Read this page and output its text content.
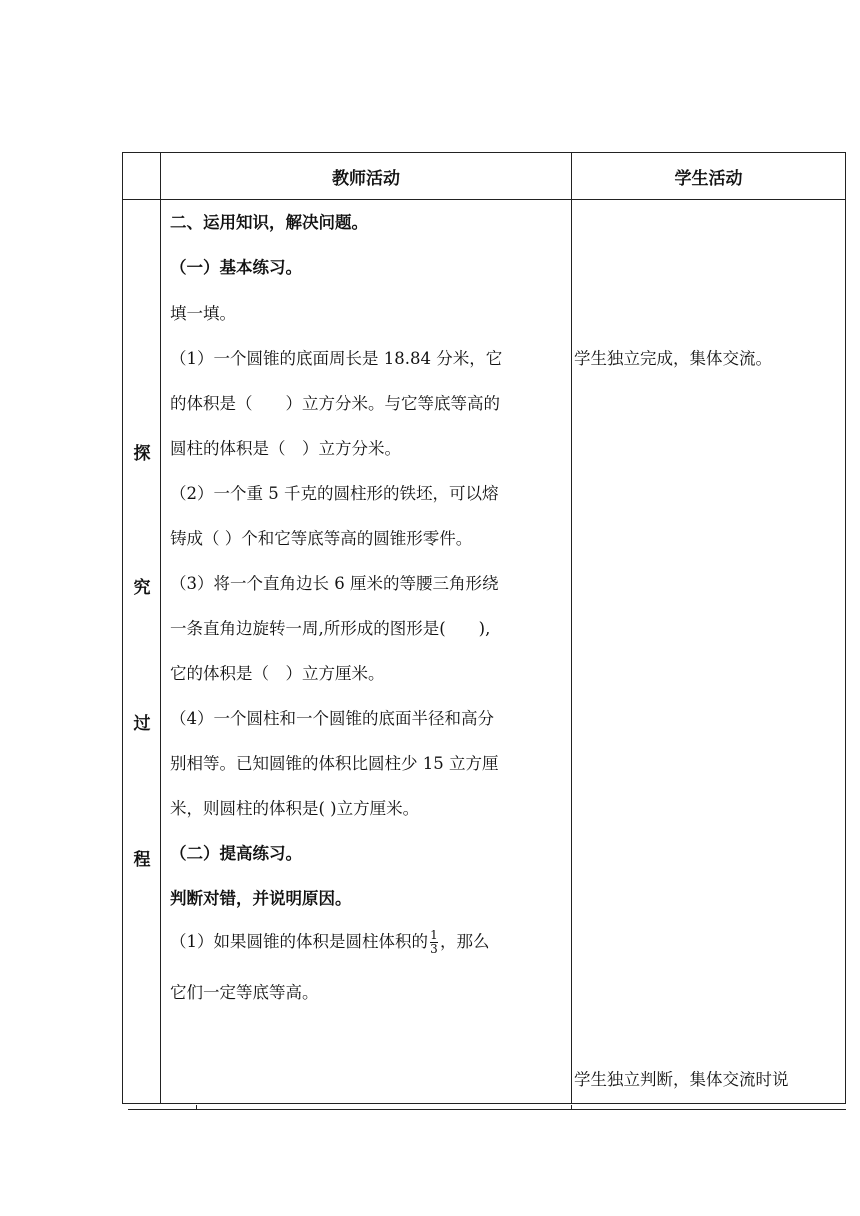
教师活动	学生活动
探
究
过
程
二、运用知识，解决问题。
（一）基本练习。
填一填。
（1）一个圆锥的底面周长是 18.84 分米，它
的体积是（　　）立方分米。与它等底等高的
圆柱的体积是（　）立方分米。
（2）一个重 5 千克的圆柱形的铁坯，可以熔
铸成（ ）个和它等底等高的圆锥形零件。
（3）将一个直角边长 6 厘米的等腰三角形绕
一条直角边旋转一周,所形成的图形是(　　),
它的体积是（　）立方厘米。
（4）一个圆柱和一个圆锥的底面半径和高分
别相等。已知圆锥的体积比圆柱少 15 立方厘
米，则圆柱的体积是( )立方厘米。
（二）提高练习。
判断对错，并说明原因。
（1）如果圆锥的体积是圆柱体积的 $\frac{1}{3}$ ，那么
它们一定等底等高。
学生独立完成，集体交流。
学生独立判断，集体交流时说
